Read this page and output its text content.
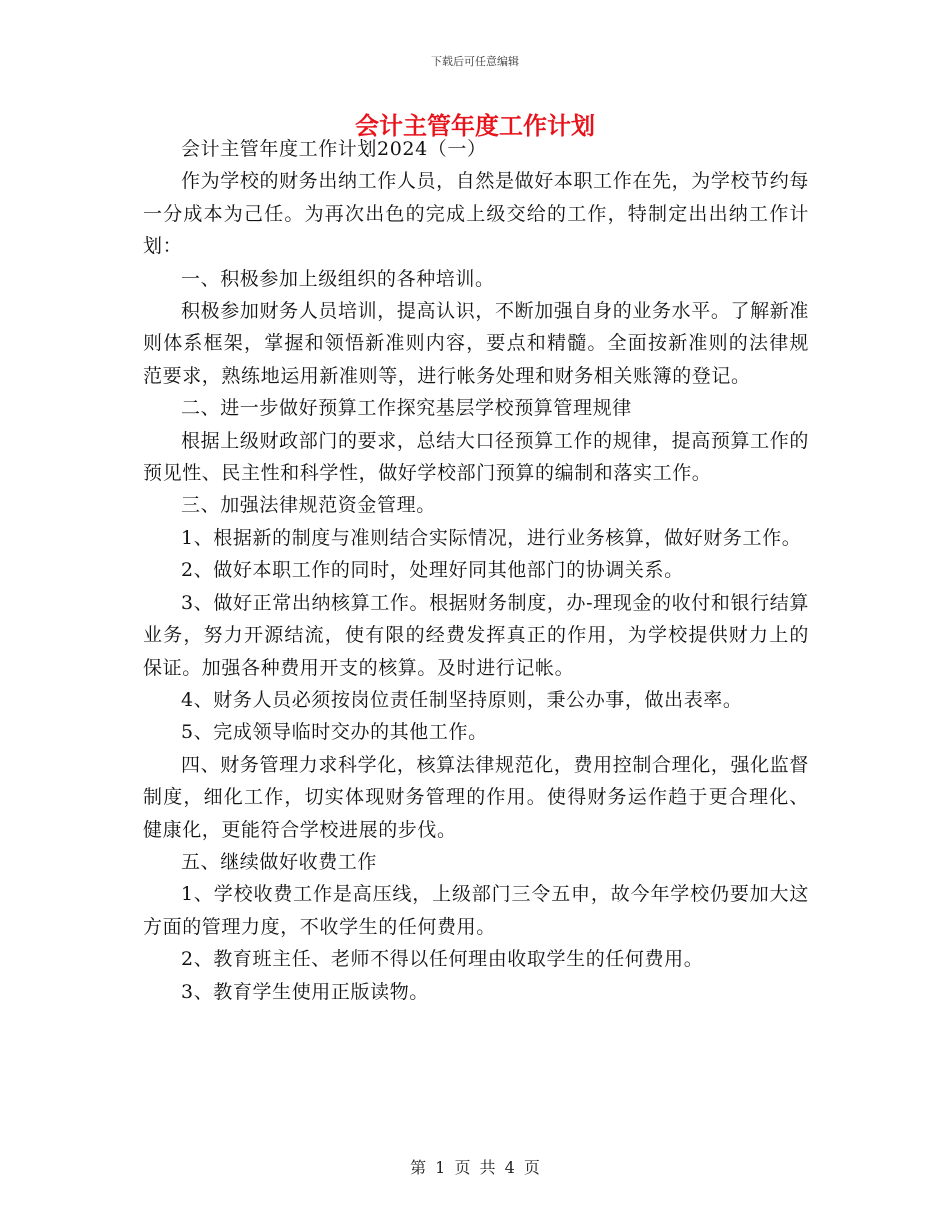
下载后可任意编辑
会计主管年度工作计划

会计主管年度工作计划2024（一）

作为学校的财务出纳工作人员，自然是做好本职工作在先，为学校节约每一分成本为己任。为再次出色的完成上级交给的工作，特制定出出纳工作计划：

一、积极参加上级组织的各种培训。

积极参加财务人员培训，提高认识，不断加强自身的业务水平。了解新准则体系框架，掌握和领悟新准则内容，要点和精髓。全面按新准则的法律规范要求，熟练地运用新准则等，进行帐务处理和财务相关账簿的登记。

二、进一步做好预算工作探究基层学校预算管理规律

根据上级财政部门的要求，总结大口径预算工作的规律，提高预算工作的预见性、民主性和科学性，做好学校部门预算的编制和落实工作。

三、加强法律规范资金管理。

1、根据新的制度与准则结合实际情况，进行业务核算，做好财务工作。

2、做好本职工作的同时，处理好同其他部门的协调关系。

3、做好正常出纳核算工作。根据财务制度，办-理现金的收付和银行结算业务，努力开源结流，使有限的经费发挥真正的作用，为学校提供财力上的保证。加强各种费用开支的核算。及时进行记帐。

4、财务人员必须按岗位责任制坚持原则，秉公办事，做出表率。

5、完成领导临时交办的其他工作。

四、财务管理力求科学化，核算法律规范化，费用控制合理化，强化监督制度，细化工作，切实体现财务管理的作用。使得财务运作趋于更合理化、健康化，更能符合学校进展的步伐。

五、继续做好收费工作

1、学校收费工作是高压线，上级部门三令五申，故今年学校仍要加大这方面的管理力度，不收学生的任何费用。

2、教育班主任、老师不得以任何理由收取学生的任何费用。

3、教育学生使用正版读物。

第 1 页 共 4 页
